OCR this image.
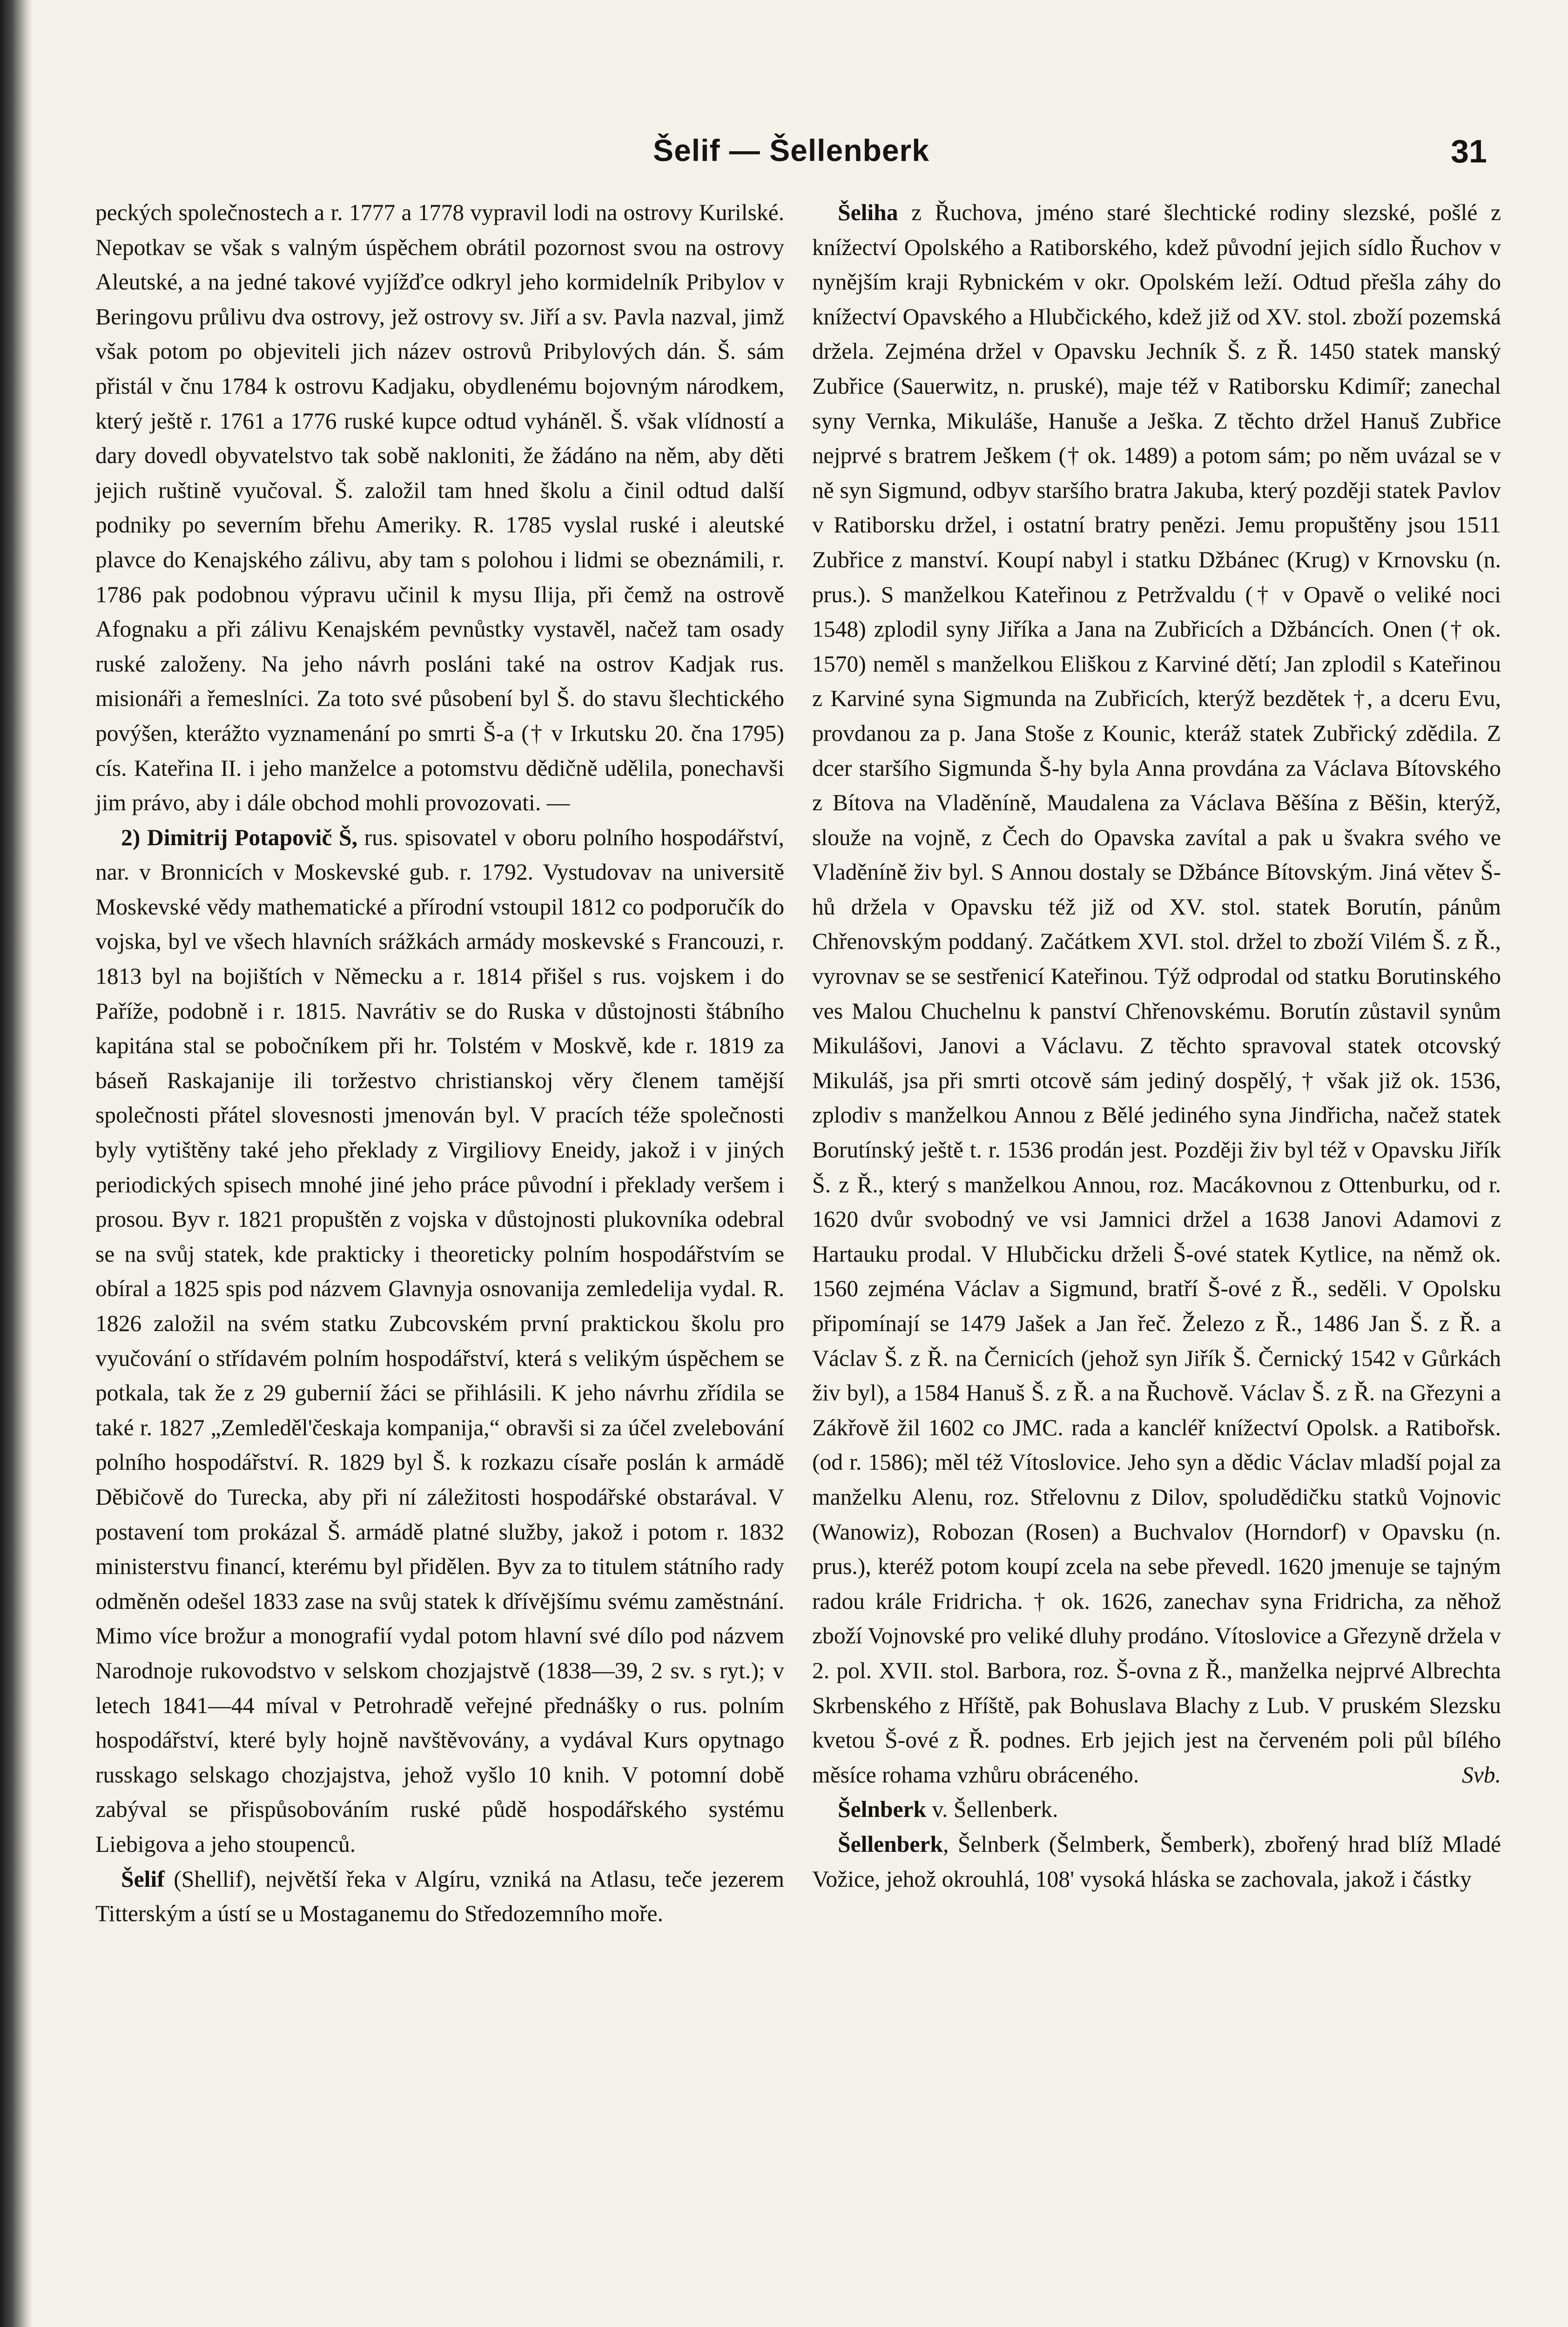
Šelif — Šellenberk	31

peckých společnostech a r. 1777 a 1778 vypravil lodi na ostrovy Kurilské. Nepotkav se však s valným úspěchem obrátil pozornost svou na ostrovy Aleutské, a na jedné takové vyjížďce odkryl jeho kormidelník Pribylov v Beringovu průlivu dva ostrovy, jež ostrovy sv. Jiří a sv. Pavla nazval, jimž však potom po objeviteli jich název ostrovů Pribylových dán. Š. sám přistál v čnu 1784 k ostrovu Kadjaku, obydlenému bojovným národkem, který ještě r. 1761 a 1776 ruské kupce odtud vyháněl. Š. však vlídností a dary dovedl obyvatelstvo tak sobě nakloniti, že žádáno na něm, aby děti jejich ruštině vyučoval. Š. založil tam hned školu a činil odtud další podniky po severním břehu Ameriky. R. 1785 vyslal ruské i aleutské plavce do Kenajského zálivu, aby tam s polohou i lidmi se obeznámili, r. 1786 pak podobnou výpravu učinil k mysu Ilija, při čemž na ostrově Afognaku a při zálivu Kenajském pevnůstky vystavěl, načež tam osady ruské založeny. Na jeho návrh posláni také na ostrov Kadjak rus. misionáři a řemeslníci. Za toto své působení byl Š. do stavu šlechtického povýšen, kterážto vyznamenání po smrti Š-a († v Irkutsku 20. čna 1795) cís. Kateřina II. i jeho manželce a potomstvu dědičně udělila, ponechavši jim právo, aby i dále obchod mohli provozovati. —

2) Dimitrij Potapovič Š, rus. spisovatel v oboru polního hospodářství, nar. v Bronnicích v Moskevské gub. r. 1792. Vystudovav na universitě Moskevské vědy mathematické a přírodní vstoupil 1812 co podporučík do vojska, byl ve všech hlavních srážkách armády moskevské s Francouzi, r. 1813 byl na bojištích v Německu a r. 1814 přišel s rus. vojskem i do Paříže, podobně i r. 1815. Navrátiv se do Ruska v důstojnosti štábního kapitána stal se pobočníkem při hr. Tolstém v Moskvě, kde r. 1819 za báseň Raskajanije ili toržestvo christianskoj věry členem tamější společnosti přátel slovesnosti jmenován byl. V pracích téže společnosti byly vytištěny také jeho překlady z Virgiliovy Eneidy, jakož i v jiných periodických spisech mnohé jiné jeho práce původní i překlady veršem i prosou. Byv r. 1821 propuštěn z vojska v důstojnosti plukovníka odebral se na svůj statek, kde prakticky i theoreticky polním hospodářstvím se obíral a 1825 spis pod názvem Glavnyja osnovanija zemledelija vydal. R. 1826 založil na svém statku Zubcovském první praktickou školu pro vyučování o střídavém polním hospodářství, která s velikým úspěchem se potkala, tak že z 29 gubernií žáci se přihlásili. K jeho návrhu zřídila se také r. 1827 „Zemleděl'českaja kompanija,“ obravši si za účel zvelebování polního hospodářství. R. 1829 byl Š. k rozkazu císaře poslán k armádě Děbičově do Turecka, aby při ní záležitosti hospodářské obstarával. V postavení tom prokázal Š. armádě platné služby, jakož i potom r. 1832 ministerstvu financí, kterému byl přidělen. Byv za to titulem státního rady odměněn odešel 1833 zase na svůj statek k dřívějšímu svému zaměstnání. Mimo více brožur a monografií vydal potom hlavní své dílo pod názvem Narodnoje rukovodstvo v selskom chozjajstvě (1838—39, 2 sv. s ryt.); v letech 1841—44 míval v Petrohradě veřejné přednášky o rus. polním hospodářství, které byly hojně navštěvovány, a vydával Kurs opytnago russkago selskago chozjajstva, jehož vyšlo 10 knih. V potomní době zabýval se přispůsobováním ruské půdě hospodářského systému Liebigova a jeho stoupenců.

Šelif (Shellif), největší řeka v Algíru, vzniká na Atlasu, teče jezerem Titterským a ústí se u Mostaganemu do Středozemního moře.

Šeliha z Řuchova, jméno staré šlechtické rodiny slezské, pošlé z knížectví Opolského a Ratiborského, kdež původní jejich sídlo Řuchov v nynějším kraji Rybnickém v okr. Opolském leží. Odtud přešla záhy do knížectví Opavského a Hlubčického, kdež již od XV. stol. zboží pozemská držela. Zejména držel v Opavsku Jechník Š. z Ř. 1450 statek manský Zubřice (Sauerwitz, n. pruské), maje též v Ratiborsku Kdimíř; zanechal syny Vernka, Mikuláše, Hanuše a Ješka. Z těchto držel Hanuš Zubřice nejprvé s bratrem Ješkem († ok. 1489) a potom sám; po něm uvázal se v ně syn Sigmund, odbyv staršího bratra Jakuba, který později statek Pavlov v Ratiborsku držel, i ostatní bratry penězi. Jemu propuštěny jsou 1511 Zubřice z manství. Koupí nabyl i statku Džbánec (Krug) v Krnovsku (n. prus.). S manželkou Kateřinou z Petržvaldu († v Opavě o veliké noci 1548) zplodil syny Jiříka a Jana na Zubřicích a Džbáncích. Onen († ok. 1570) neměl s manželkou Eliškou z Karviné dětí; Jan zplodil s Kateřinou z Karviné syna Sigmunda na Zubřicích, kterýž bezdětek †, a dceru Evu, provdanou za p. Jana Stoše z Kounic, kteráž statek Zubřický zdědila. Z dcer staršího Sigmunda Š-hy byla Anna provdána za Václava Bítovského z Bítova na Vladěníně, Maudalena za Václava Běšína z Běšin, kterýž, slouže na vojně, z Čech do Opavska zavítal a pak u švakra svého ve Vladěníně živ byl. S Annou dostaly se Džbánce Bítovským. Jiná větev Š-hů držela v Opavsku též již od XV. stol. statek Borutín, pánům Chřenovským poddaný. Začátkem XVI. stol. držel to zboží Vilém Š. z Ř., vyrovnav se se sestřenicí Kateřinou. Týž odprodal od statku Borutinského ves Malou Chuchelnu k panství Chřenovskému. Borutín zůstavil synům Mikulášovi, Janovi a Václavu. Z těchto spravoval statek otcovský Mikuláš, jsa při smrti otcově sám jediný dospělý, † však již ok. 1536, zplodiv s manželkou Annou z Bělé jediného syna Jindřicha, načež statek Borutínský ještě t. r. 1536 prodán jest. Později živ byl též v Opavsku Jiřík Š. z Ř., který s manželkou Annou, roz. Macákovnou z Ottenburku, od r. 1620 dvůr svobodný ve vsi Jamnici držel a 1638 Janovi Adamovi z Hartauku prodal. V Hlubčicku drželi Š-ové statek Kytlice, na němž ok. 1560 zejména Václav a Sigmund, bratří Š-ové z Ř., seděli. V Opolsku připomínají se 1479 Jašek a Jan řeč. Železo z Ř., 1486 Jan Š. z Ř. a Václav Š. z Ř. na Černicích (jehož syn Jiřík Š. Černický 1542 v Gůrkách živ byl), a 1584 Hanuš Š. z Ř. a na Řuchově. Václav Š. z Ř. na Gřezyni a Zákřově žil 1602 co JMC. rada a kancléř knížectví Opolsk. a Ratibořsk. (od r. 1586); měl též Vítoslovice. Jeho syn a dědic Václav mladší pojal za manželku Alenu, roz. Střelovnu z Dilov, spoludědičku statků Vojnovic (Wanowiz), Robozan (Rosen) a Buchvalov (Horndorf) v Opavsku (n. prus.), kteréž potom koupí zcela na sebe převedl. 1620 jmenuje se tajným radou krále Fridricha. † ok. 1626, zanechav syna Fridricha, za něhož zboží Vojnovské pro veliké dluhy prodáno. Vítoslovice a Gřezyně držela v 2. pol. XVII. stol. Barbora, roz. Š-ovna z Ř., manželka nejprvé Albrechta Skrbenského z Hříště, pak Bohuslava Blachy z Lub. V pruském Slezsku kvetou Š-ové z Ř. podnes. Erb jejich jest na červeném poli půl bílého měsíce rohama vzhůru obráceného.	Svb.

Šelnberk v. Šellenberk.

Šellenberk, Šelnberk (Šelmberk, Šemberk), zbořený hrad blíž Mladé Vožice, jehož okrouhlá, 108' vysoká hláska se zachovala, jakož i částky
